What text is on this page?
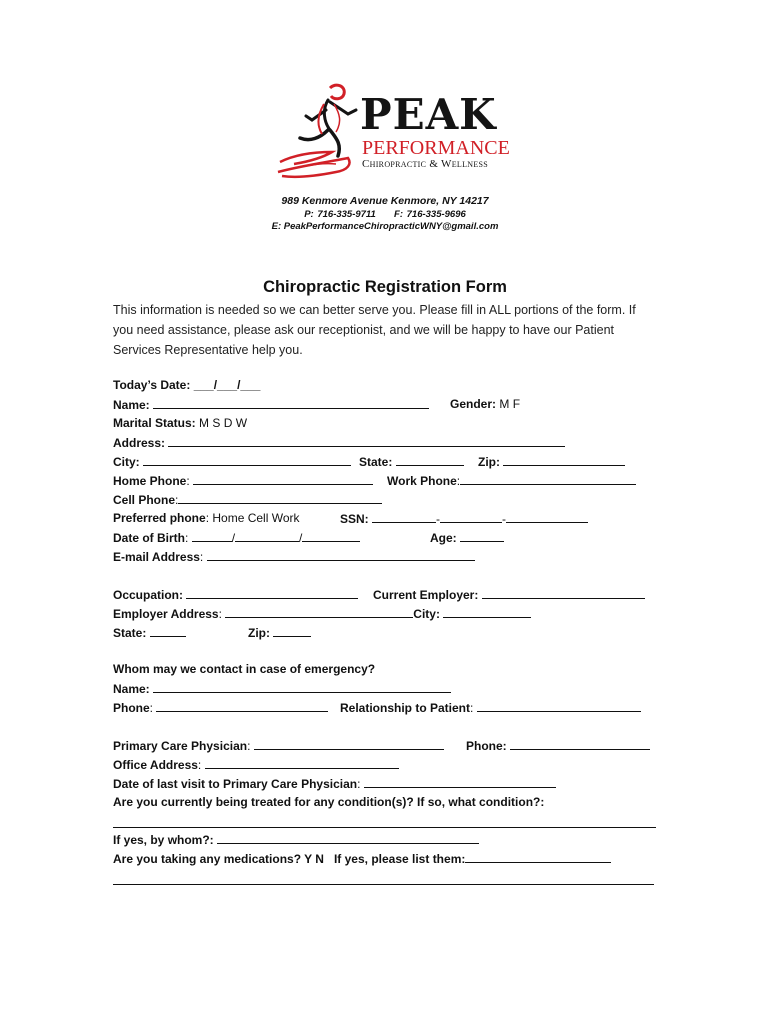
PEAK
PERFORMANCE
Chiropractic & Wellness
989 Kenmore Avenue Kenmore, NY 14217
P: 716-335-9711 F: 716-335-9696
E: PeakPerformanceChiropracticWNY@gmail.com
Chiropractic Registration Form
This information is needed so we can better serve you. Please fill in ALL portions of the form. If you need assistance, please ask our receptionist, and we will be happy to have our Patient Services Representative help you.
Today’s Date: ___/___/___
Name:	Gender: M F
Marital Status: M S D W
Address:
City:	State:	Zip:
Home Phone:	Work Phone:
Cell Phone:
Preferred phone: Home Cell Work	SSN:	-	-
Date of Birth:	/	/	Age:
E-mail Address:
Occupation:	Current Employer:
Employer Address:	City:
State:	Zip:
Whom may we contact in case of emergency?
Name:
Phone:	Relationship to Patient:
Primary Care Physician:	Phone:
Office Address:
Date of last visit to Primary Care Physician:
Are you currently being treated for any condition(s)? If so, what condition?:
If yes, by whom?:
Are you taking any medications? Y N If yes, please list them:
